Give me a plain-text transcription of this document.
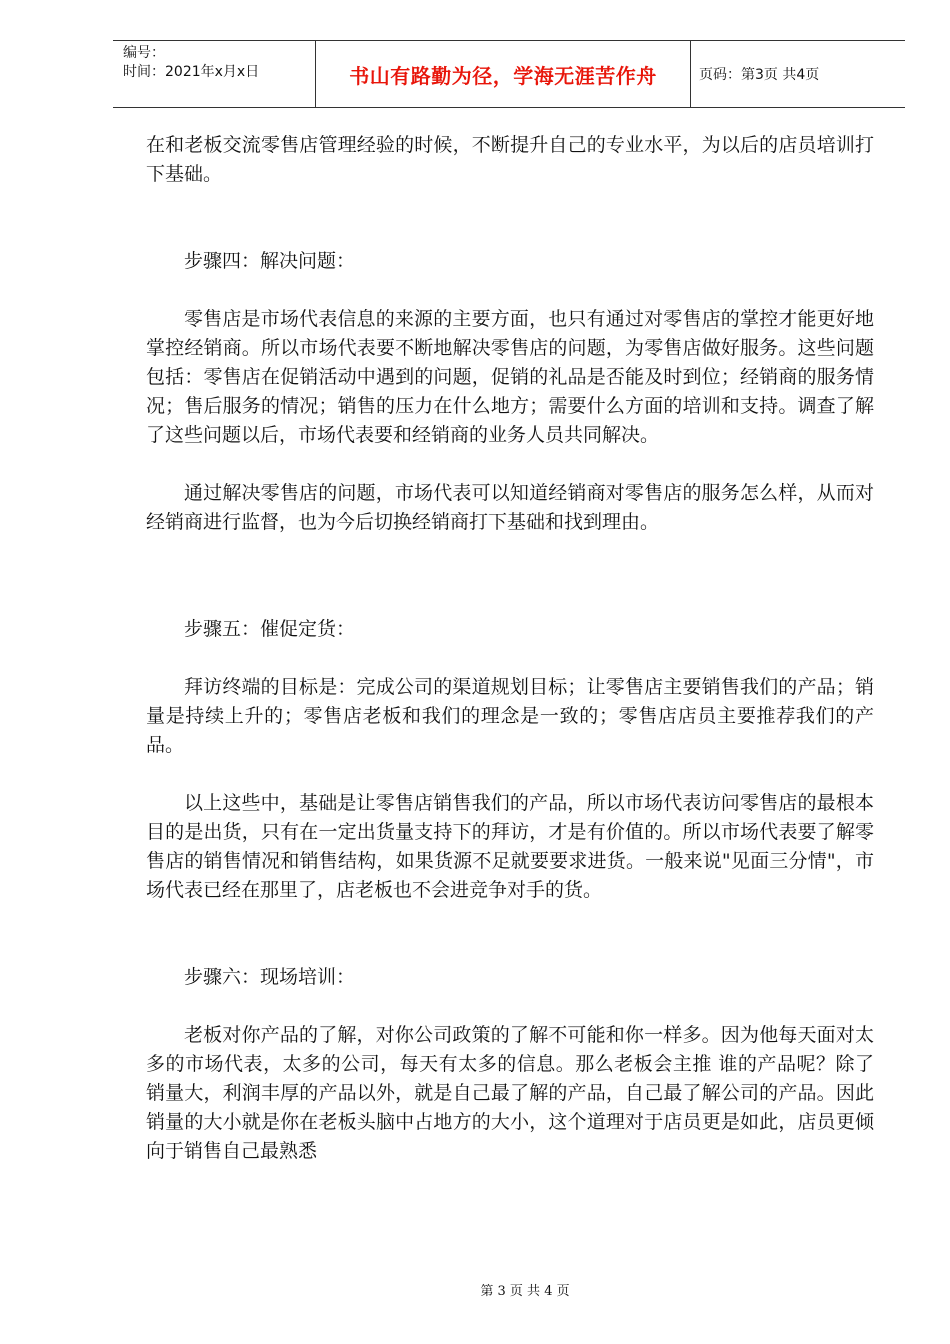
编号：
时间：2021年x月x日	书山有路勤为径，学海无涯苦作舟	页码：第3页 共4页

在和老板交流零售店管理经验的时候，不断提升自己的专业水平，为以后的店员培训打下基础。

步骤四：解决问题：

零售店是市场代表信息的来源的主要方面，也只有通过对零售店的掌控才能更好地掌控经销商。所以市场代表要不断地解决零售店的问题，为零售店做好服务。这些问题包括：零售店在促销活动中遇到的问题，促销的礼品是否能及时到位；经销商的服务情况；售后服务的情况；销售的压力在什么地方；需要什么方面的培训和支持。调查了解了这些问题以后，市场代表要和经销商的业务人员共同解决。

通过解决零售店的问题，市场代表可以知道经销商对零售店的服务怎么样，从而对经销商进行监督，也为今后切换经销商打下基础和找到理由。

步骤五：催促定货：

拜访终端的目标是：完成公司的渠道规划目标；让零售店主要销售我们的产品；销量是持续上升的；零售店老板和我们的理念是一致的；零售店店员主要推荐我们的产品。

以上这些中，基础是让零售店销售我们的产品，所以市场代表访问零售店的最根本目的是出货，只有在一定出货量支持下的拜访，才是有价值的。所以市场代表要了解零售店的销售情况和销售结构，如果货源不足就要要求进货。一般来说"见面三分情"，市场代表已经在那里了，店老板也不会进竞争对手的货。

步骤六：现场培训：

老板对你产品的了解，对你公司政策的了解不可能和你一样多。因为他每天面对太多的市场代表，太多的公司，每天有太多的信息。那么老板会主推 谁的产品呢？除了销量大，利润丰厚的产品以外，就是自己最了解的产品，自己最了解公司的产品。因此销量的大小就是你在老板头脑中占地方的大小，这个道理对于店员更是如此，店员更倾向于销售自己最熟悉

第 3 页 共 4 页
